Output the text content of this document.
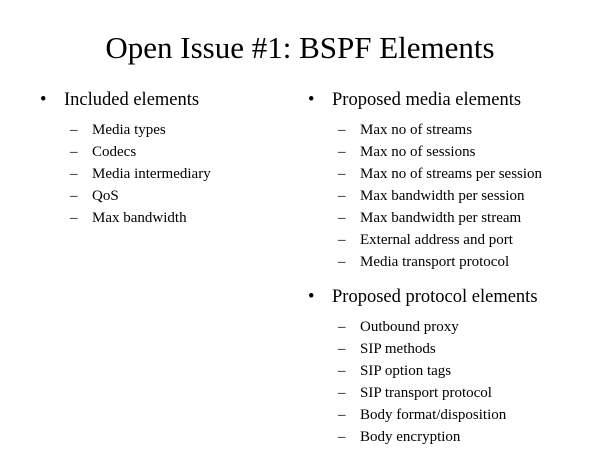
Open Issue #1: BSPF Elements
• Included elements
– Media types
– Codecs
– Media intermediary
– QoS
– Max bandwidth
• Proposed media elements
– Max no of streams
– Max no of sessions
– Max no of streams per session
– Max bandwidth per session
– Max bandwidth per stream
– External address and port
– Media transport protocol
• Proposed protocol elements
– Outbound proxy
– SIP methods
– SIP option tags
– SIP transport protocol
– Body format/disposition
– Body encryption
